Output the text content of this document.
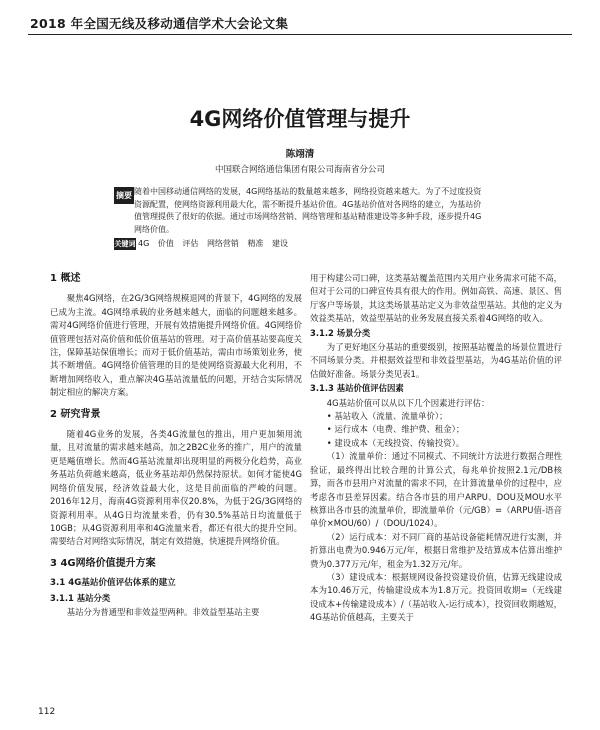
2018 年全国无线及移动通信学术大会论文集
4G网络价值管理与提升
陈翊清
中国联合网络通信集团有限公司海南省分公司
摘要 随着中国移动通信网络的发展，4G网络基站的数量越来越多，网络投资越来越大。为了不过度投资资源配置，使网络资源利用最大化，需不断提升基站价值。4G基站价值对各网络的建立，为基站价值管理提供了很好的依据。通过市场网络营销、网络管理和基站精准建设等多种手段，逐步提升4G网络价值。

关键词 4G 价值 评估 网络营销 精准 建设
1 概述

聚焦4G网络，在2G/3G网络规模退网的背景下，4G网络的发展已成为主流。4G网络承载的业务越来越大，面临的问题越来越多。需对4G网络价值进行管理，开展有效措施提升网络价值。4G网络价值管理包括对高价值和低价值基站的管理。对于高价值基站要高度关注，保障基站保值增长；而对于低价值基站，需由市场策划业务，使其不断增值。4G网络价值管理的目的是使网络资源最大化利用，不断增加网络收入，重点解决4G基站流量低的问题，开结合实际情况制定相应的解决方案。

2 研究背景

随着4G业务的发展，各类4G流量包的推出，用户更加频用流量，且对流量的需求越来越高，加之2B2C业务的推广，用户的流量更是飚值增长。然而4G基站流量却出现明显的两极分化趋势，高业务基站负荷越来越高，低业务基站却仍然保持原状。如何才能使4G网络价值发展，经济效益最大化，这是目前面临的严峻的问题。2016年12月，海南4G资源利用率仅20.8%，为低于2G/3G网络的资源利用率。从4G日均流量来看，仍有30.5%基站日均流量低于10GB；从4G资源利用率和4G流量来看，都还有很大的提升空间。需要结合对网络实际情况，制定有效措施，快速提升网络价值。

3 4G网络价值提升方案
3.1 4G基站价值评估体系的建立
3.1.1 基站分类

基站分为普通型和非效益型两种。非效益型基站主要

用于构建公司口碑，这类基站覆盖范围内关用户业务需求可能不高，但对于公司的口碑宣传具有很大的作用。例如高铁、高速、景区、售厅客户等场景，其这类场景基站定义为非效益型基站。其他的定义为效益类基站，效益型基站的业务发展直接关系着4G网络的收入。

3.1.2 场景分类

为了更好地区分基站的重要级别，按照基站覆盖的场景位置进行不同场景分类。并根据效益型和非效益型基站，为4G基站价值的评估做好准备。场景分类见表1。

3.1.3 基站价值评估因素

4G基站价值可以从以下几个因素进行评估：

• 基站收入（流量、流量单价）；
• 运行成本（电费、维护费、租金）；
• 建设成本（无线投资、传输投资）。

（1）流量单价：通过不同模式、不同统计方法进行数据合理性验证，最终得出比较合理的计算公式，每兆单价按照2.1元/DB核算，而各市县用户对流量的需求不同，在计算流量单价的过程中，应考虑各市县差异因素。结合各市县的用户ARPU、DOU及MOU水平核算出各市县的流量单价，即流量单价（元/GB）=（ARPU值-语音单价×MOU/60）/（DOU/1024）。

（2）运行成本：对不同厂商的基站设备能耗情况进行实测，并折算出电费为0.946万元/年，根据日常维护及结算成本估算出维护费为0.377万元/年，租金为1.32万元/年。

（3）建设成本：根据规网设备投资建设价值，估算无线建设成本为10.46万元，传输建设成本为1.8万元。投资回收期=（无线建设成本+传输建设成本）/（基站收入-运行成本），投资回收期越短，4G基站价值越高，主要关于

112
